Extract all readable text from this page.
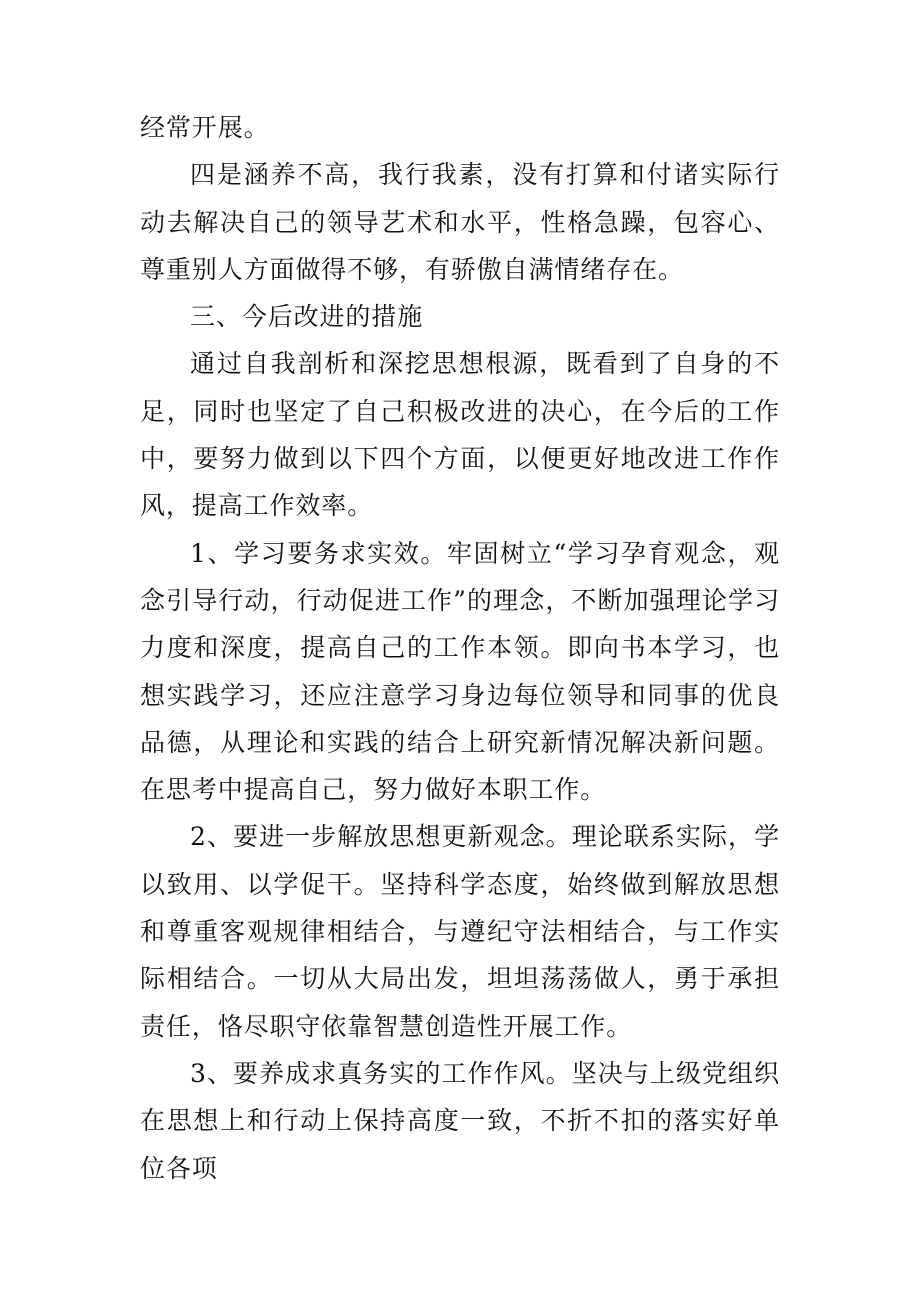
经常开展。

四是涵养不高，我行我素，没有打算和付诸实际行动去解决自己的领导艺术和水平，性格急躁，包容心、尊重别人方面做得不够，有骄傲自满情绪存在。

三、今后改进的措施

通过自我剖析和深挖思想根源，既看到了自身的不足，同时也坚定了自己积极改进的决心，在今后的工作中，要努力做到以下四个方面，以便更好地改进工作作风，提高工作效率。

1、学习要务求实效。牢固树立“学习孕育观念，观念引导行动，行动促进工作”的理念，不断加强理论学习力度和深度，提高自己的工作本领。即向书本学习，也想实践学习，还应注意学习身边每位领导和同事的优良品德，从理论和实践的结合上研究新情况解决新问题。在思考中提高自己，努力做好本职工作。

2、要进一步解放思想更新观念。理论联系实际，学以致用、以学促干。坚持科学态度，始终做到解放思想和尊重客观规律相结合，与遵纪守法相结合，与工作实际相结合。一切从大局出发，坦坦荡荡做人，勇于承担责任，恪尽职守依靠智慧创造性开展工作。

3、要养成求真务实的工作作风。坚决与上级党组织在思想上和行动上保持高度一致，不折不扣的落实好单位各项
